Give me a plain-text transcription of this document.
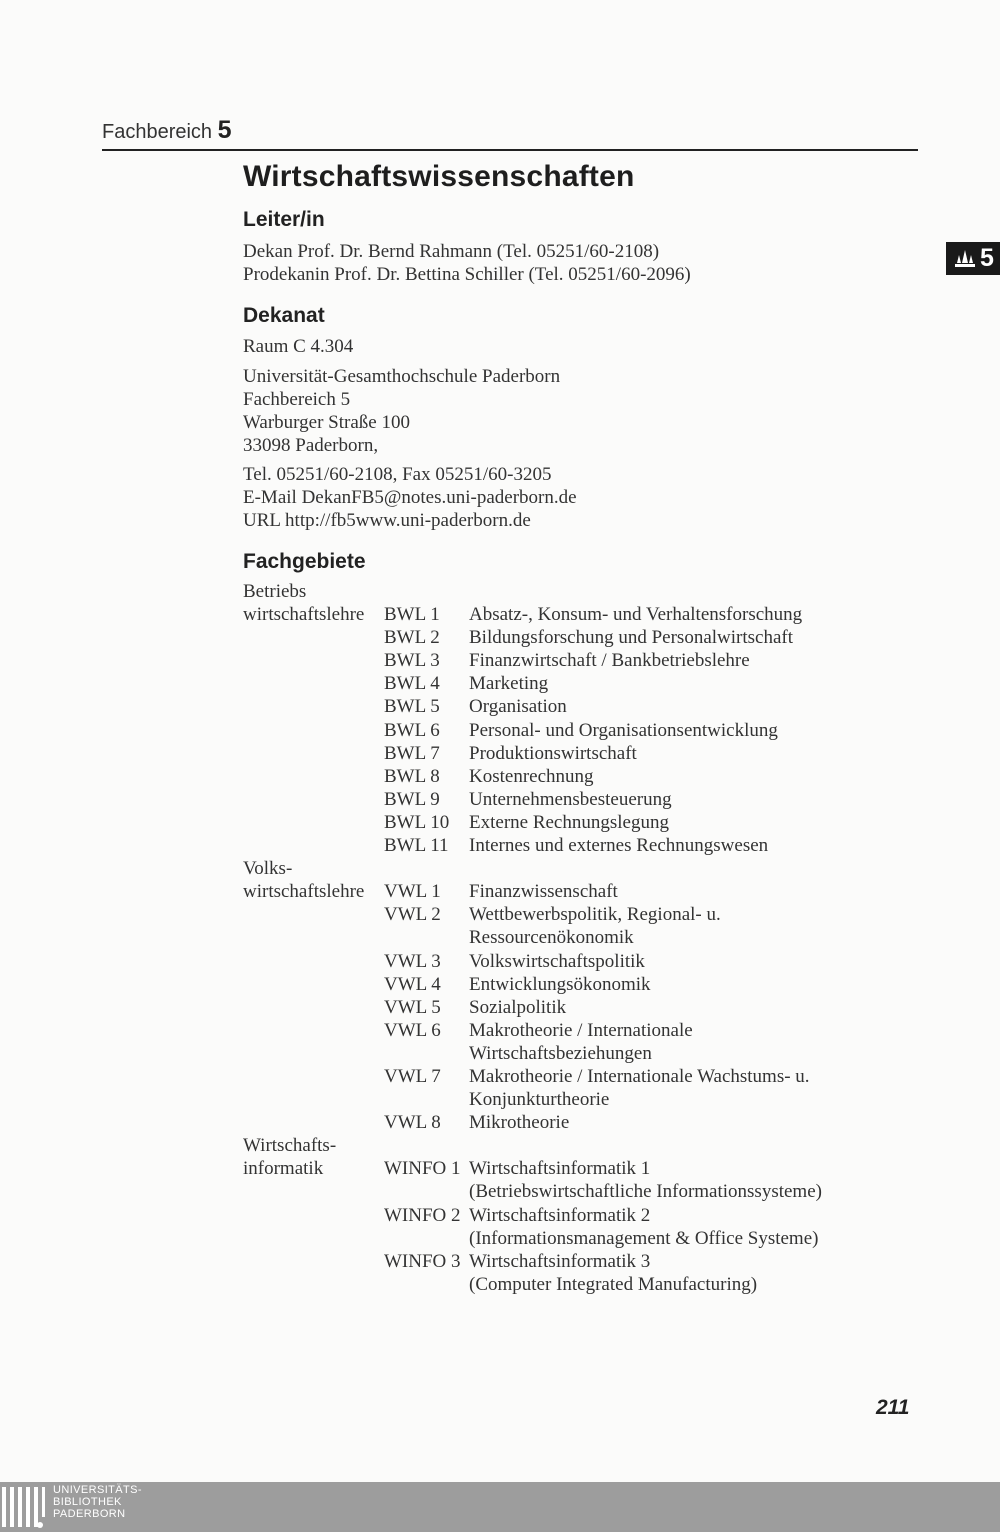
Fachbereich 5
5
Wirtschaftswissenschaften
Leiter/in
Dekan Prof. Dr. Bernd Rahmann (Tel. 05251/60-2108)
Prodekanin Prof. Dr. Bettina Schiller (Tel. 05251/60-2096)
Dekanat
Raum C 4.304
Universität-Gesamthochschule Paderborn
Fachbereich 5
Warburger Straße 100
33098 Paderborn,
Tel. 05251/60-2108, Fax 05251/60-3205
E-Mail DekanFB5@notes.uni-paderborn.de
URL http://fb5www.uni-paderborn.de
Fachgebiete
Betriebs
wirtschaftslehre BWL 1 Absatz-, Konsum- und Verhaltensforschung
BWL 2 Bildungsforschung und Personalwirtschaft
BWL 3 Finanzwirtschaft / Bankbetriebslehre
BWL 4 Marketing
BWL 5 Organisation
BWL 6 Personal- und Organisationsentwicklung
BWL 7 Produktionswirtschaft
BWL 8 Kostenrechnung
BWL 9 Unternehmensbesteuerung
BWL 10 Externe Rechnungslegung
BWL 11 Internes und externes Rechnungswesen
Volks-
wirtschaftslehre VWL 1 Finanzwissenschaft
VWL 2 Wettbewerbspolitik, Regional- u.
Ressourcenökonomik
VWL 3 Volkswirtschaftspolitik
VWL 4 Entwicklungsökonomik
VWL 5 Sozialpolitik
VWL 6 Makrotheorie / Internationale
Wirtschaftsbeziehungen
VWL 7 Makrotheorie / Internationale Wachstums- u.
Konjunkturtheorie
VWL 8 Mikrotheorie
Wirtschafts-
informatik	WINFO 1 Wirtschaftsinformatik 1
(Betriebswirtschaftliche Informationssysteme)
WINFO 2 Wirtschaftsinformatik 2
(Informationsmanagement & Office Systeme)
WINFO 3 Wirtschaftsinformatik 3
(Computer Integrated Manufacturing)
211
UNIVERSITÄTS-
BIBLIOTHEK
PADERBORN
